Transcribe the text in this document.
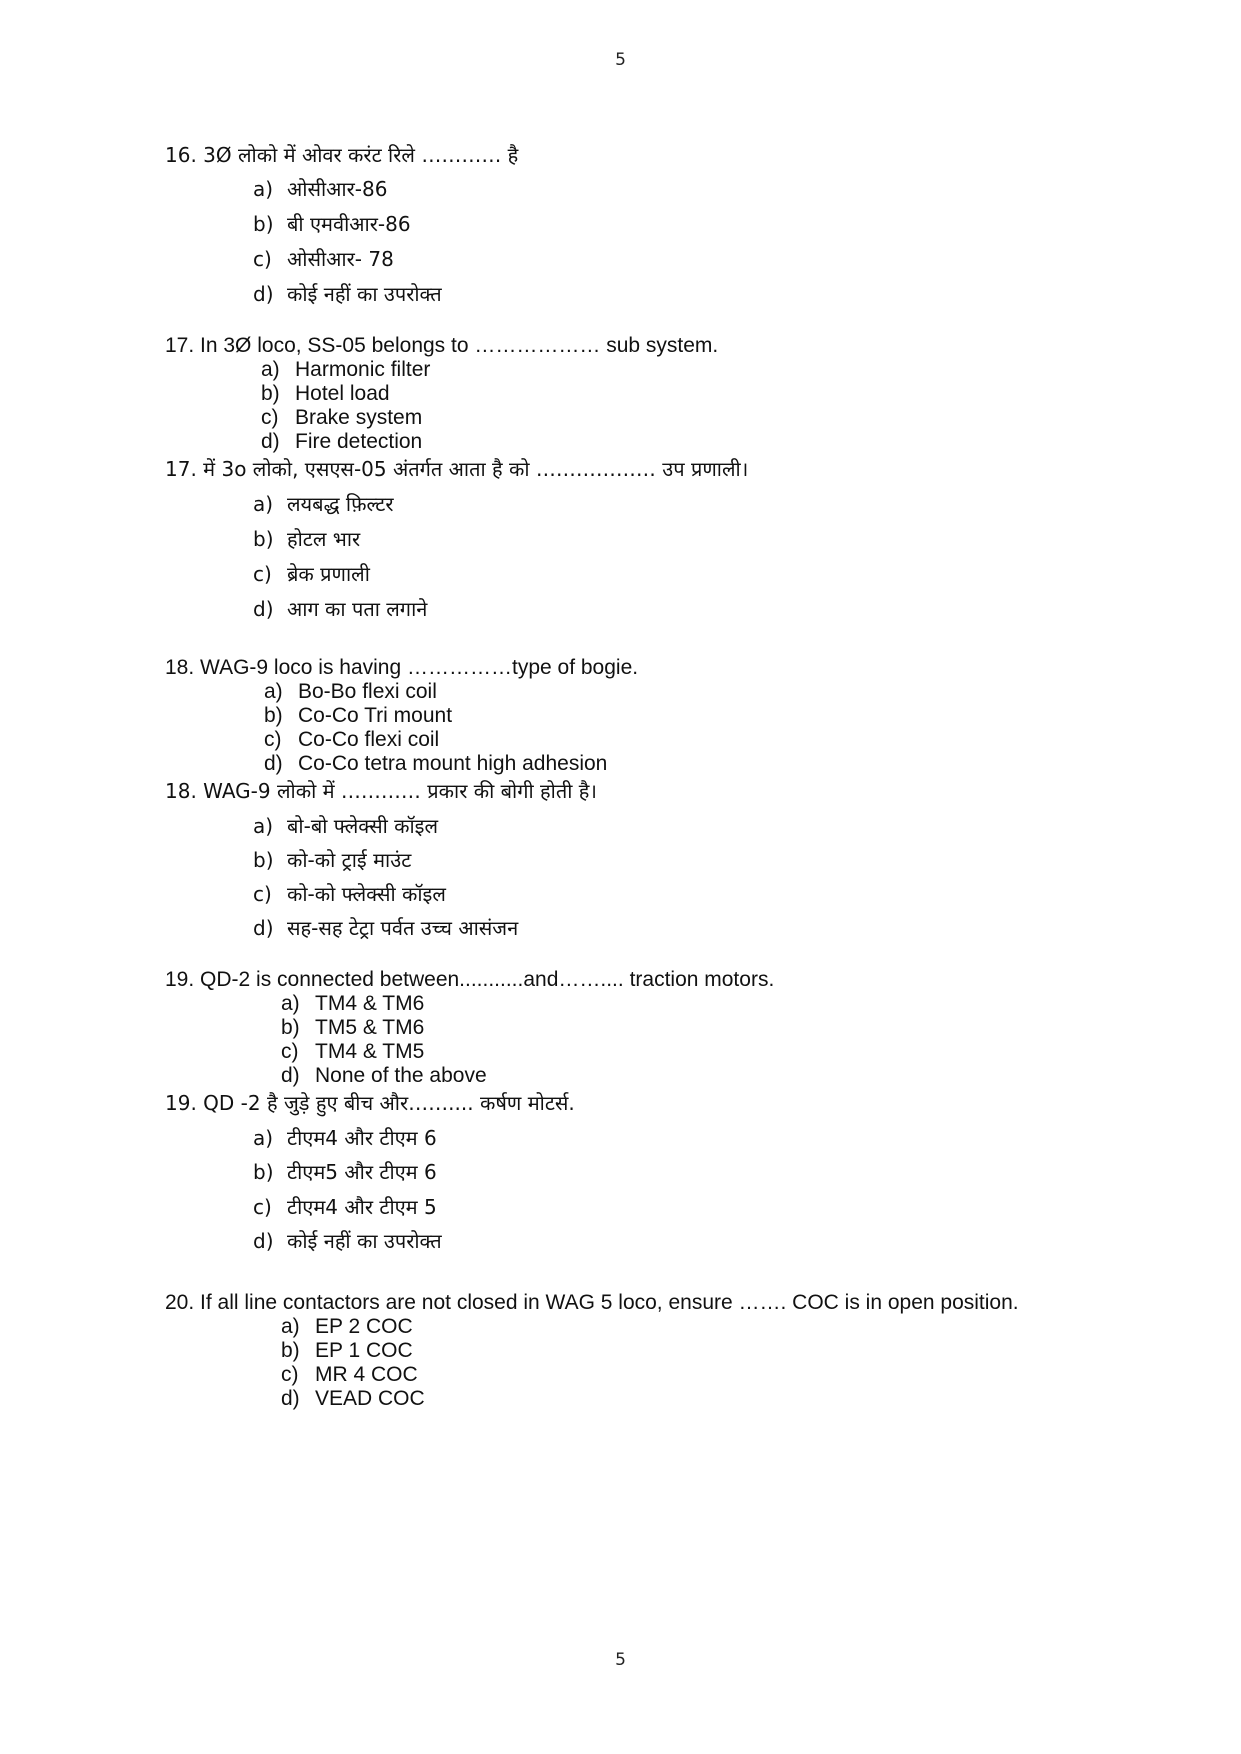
5
16. 3Ø लोको में ओवर करंट रिले ………… है
a) ओसीआर-86
b) बी एमवीआर-86
c) ओसीआर- 78
d) कोई नहीं का उपरोक्त
17. In 3Ø loco, SS-05 belongs to ……………… sub system.
a) Harmonic filter
b) Hotel load
c) Brake system
d) Fire detection
17. में 3o लोको, एसएस-05 अंतर्गत आता है को ……………… उप प्रणाली।
a) लयबद्ध फ़िल्टर
b) होटल भार
c) ब्रेक प्रणाली
d) आग का पता लगाने
18. WAG-9 loco is having ……………type of bogie.
a) Bo-Bo flexi coil
b) Co-Co Tri mount
c) Co-Co flexi coil
d) Co-Co tetra mount high adhesion
18. WAG-9 लोको में ………… प्रकार की बोगी होती है।
a) बो-बो फ्लेक्सी कॉइल
b) को-को ट्राई माउंट
c) को-को फ्लेक्सी कॉइल
d) सह-सह टेट्रा पर्वत उच्च आसंजन
19. QD-2 is connected between...........and…….... traction motors.
a) TM4 & TM6
b) TM5 & TM6
c) TM4 & TM5
d) None of the above
19. QD -2 है जुड़े हुए बीच और…….... कर्षण मोटर्स.
a) टीएम4 और टीएम 6
b) टीएम5 और टीएम 6
c) टीएम4 और टीएम 5
d) कोई नहीं का उपरोक्त
20. If all line contactors are not closed in WAG 5 loco, ensure ……. COC is in open position.
a) EP 2 COC
b) EP 1 COC
c) MR 4 COC
d) VEAD COC
5
